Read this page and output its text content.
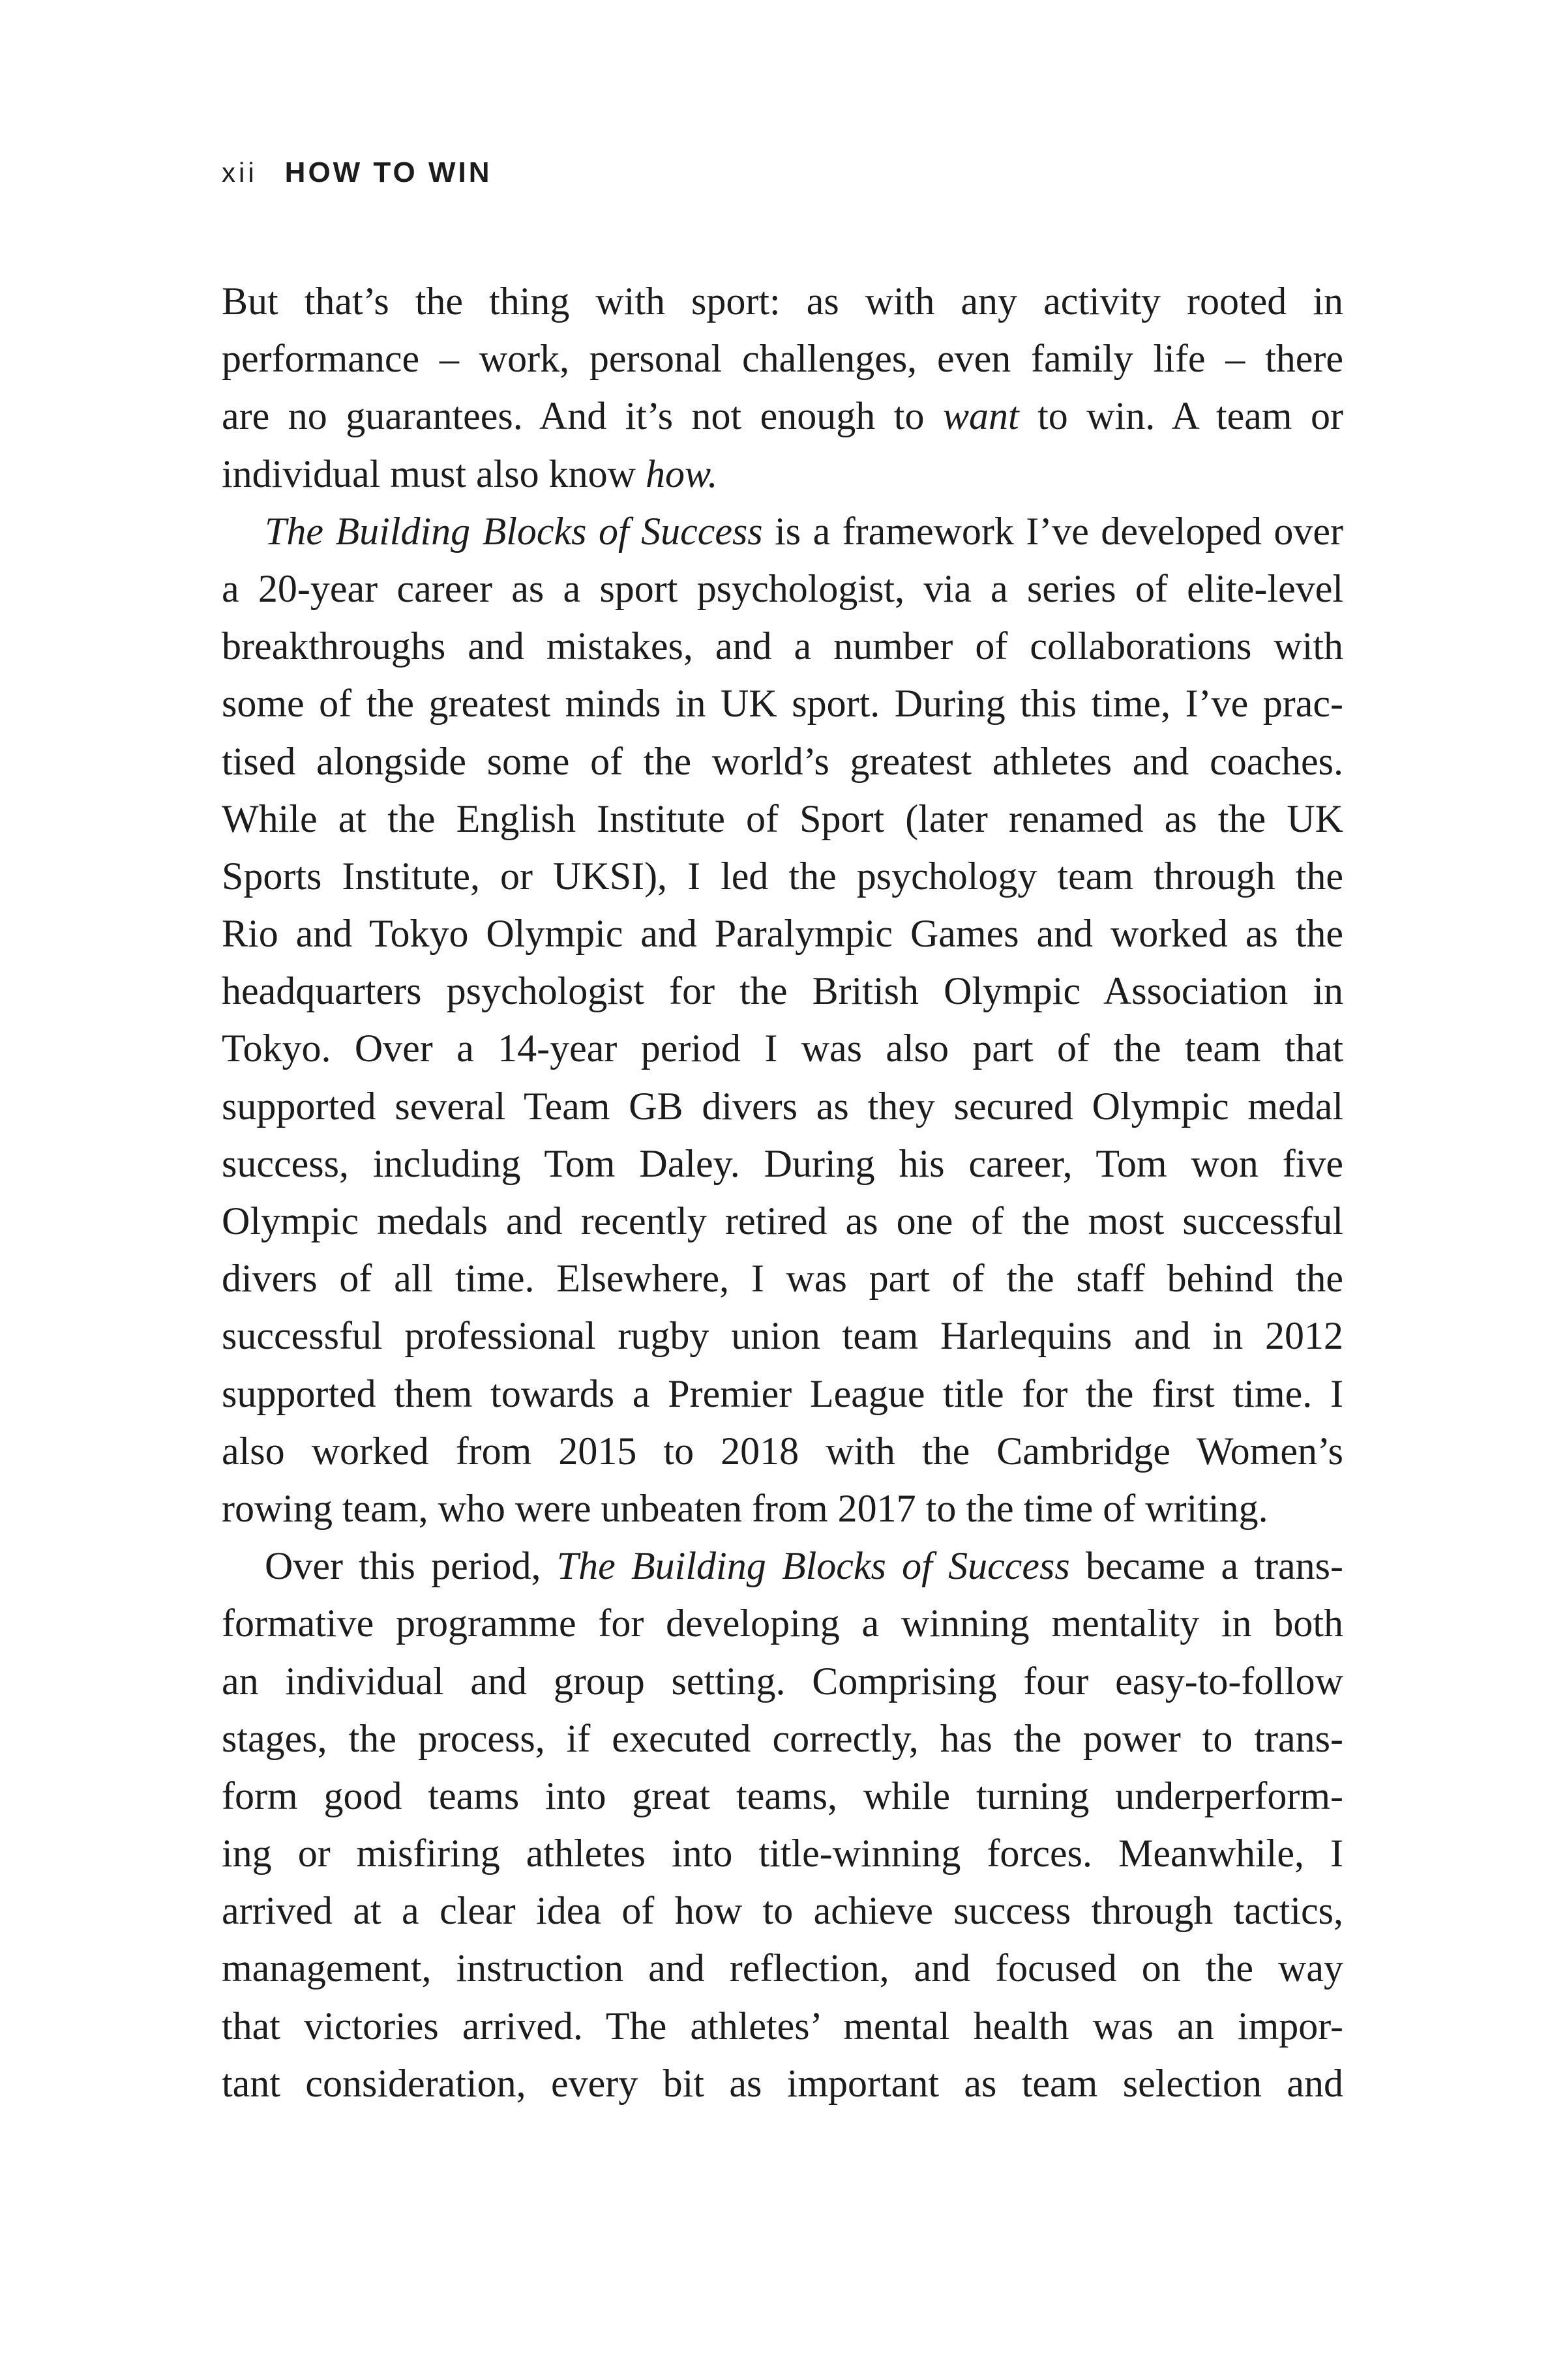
xii HOW TO WIN
But that’s the thing with sport: as with any activity rooted in
performance – work, personal challenges, even family life – there
are no guarantees. And it’s not enough to want to win. A team or
individual must also know how.
The Building Blocks of Success is a framework I’ve developed over
a 20-year career as a sport psychologist, via a series of elite-level
breakthroughs and mistakes, and a number of collaborations with
some of the greatest minds in UK sport. During this time, I’ve prac-
tised alongside some of the world’s greatest athletes and coaches.
While at the English Institute of Sport (later renamed as the UK
Sports Institute, or UKSI), I led the psychology team through the
Rio and Tokyo Olympic and Paralympic Games and worked as the
headquarters psychologist for the British Olympic Association in
Tokyo. Over a 14-year period I was also part of the team that
supported several Team GB divers as they secured Olympic medal
success, including Tom Daley. During his career, Tom won five
Olympic medals and recently retired as one of the most successful
divers of all time. Elsewhere, I was part of the staff behind the
successful professional rugby union team Harlequins and in 2012
supported them towards a Premier League title for the first time. I
also worked from 2015 to 2018 with the Cambridge Women’s
rowing team, who were unbeaten from 2017 to the time of writing.
Over this period, The Building Blocks of Success became a trans-
formative programme for developing a winning mentality in both
an individual and group setting. Comprising four easy-to-follow
stages, the process, if executed correctly, has the power to trans-
form good teams into great teams, while turning underperform-
ing or misfiring athletes into title-winning forces. Meanwhile, I
arrived at a clear idea of how to achieve success through tactics,
management, instruction and reflection, and focused on the way
that victories arrived. The athletes’ mental health was an impor-
tant consideration, every bit as important as team selection and
